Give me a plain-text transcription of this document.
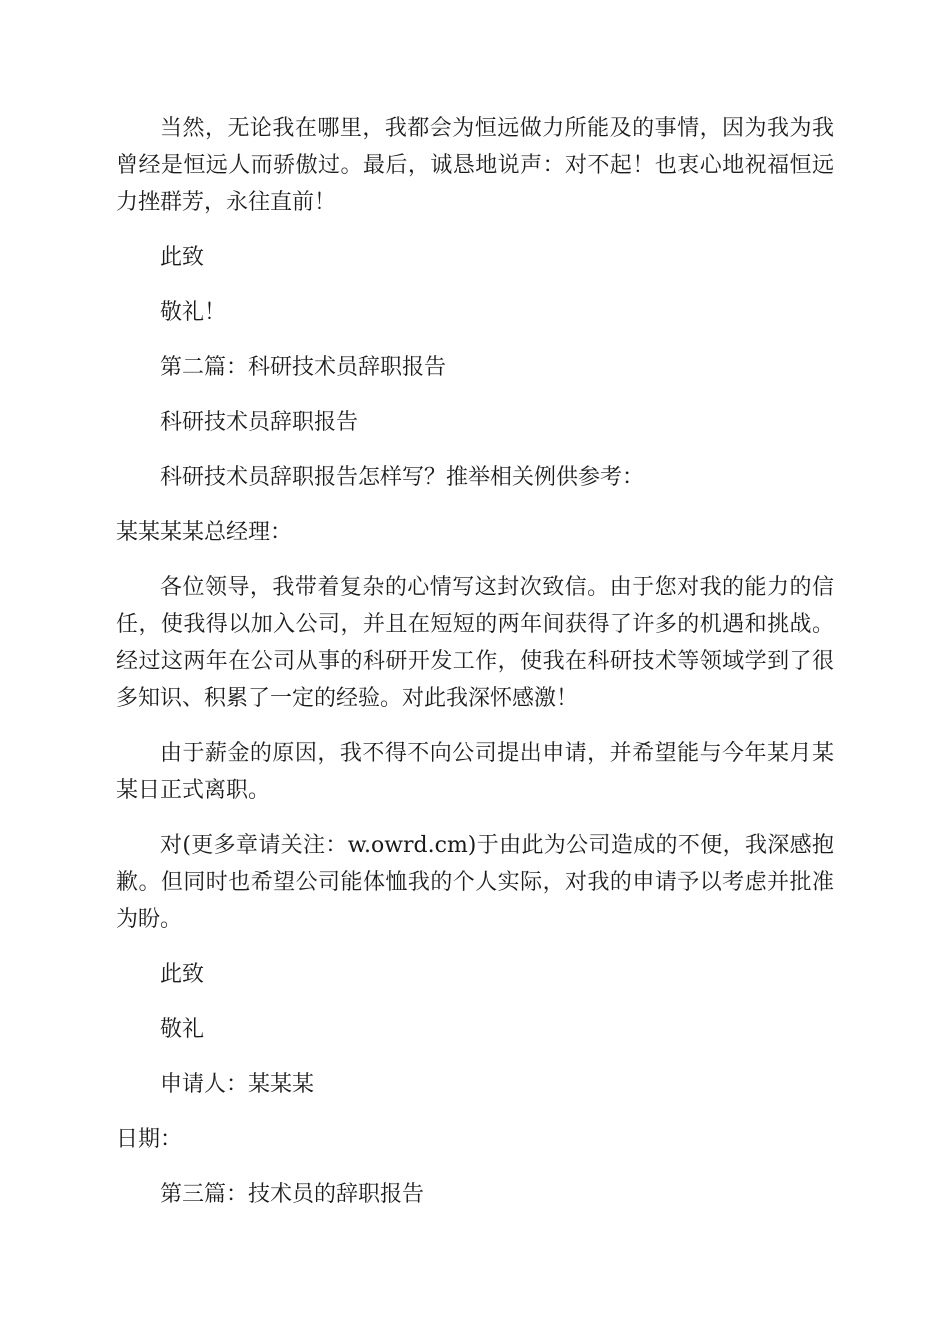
当然，无论我在哪里，我都会为恒远做力所能及的事情，因为我为我曾经是恒远人而骄傲过。最后，诚恳地说声：对不起！也衷心地祝福恒远力挫群芳，永往直前！

此致

敬礼！

第二篇：科研技术员辞职报告

科研技术员辞职报告

科研技术员辞职报告怎样写？推举相关例供参考：

某某某某总经理：

各位领导，我带着复杂的心情写这封次致信。由于您对我的能力的信任，使我得以加入公司，并且在短短的两年间获得了许多的机遇和挑战。经过这两年在公司从事的科研开发工作，使我在科研技术等领域学到了很多知识、积累了一定的经验。对此我深怀感激！

由于薪金的原因，我不得不向公司提出申请，并希望能与今年某月某某日正式离职。

对(更多章请关注：w.owrd.cm)于由此为公司造成的不便，我深感抱歉。但同时也希望公司能体恤我的个人实际，对我的申请予以考虑并批准为盼。

此致

敬礼

申请人：某某某

日期：

第三篇：技术员的辞职报告
